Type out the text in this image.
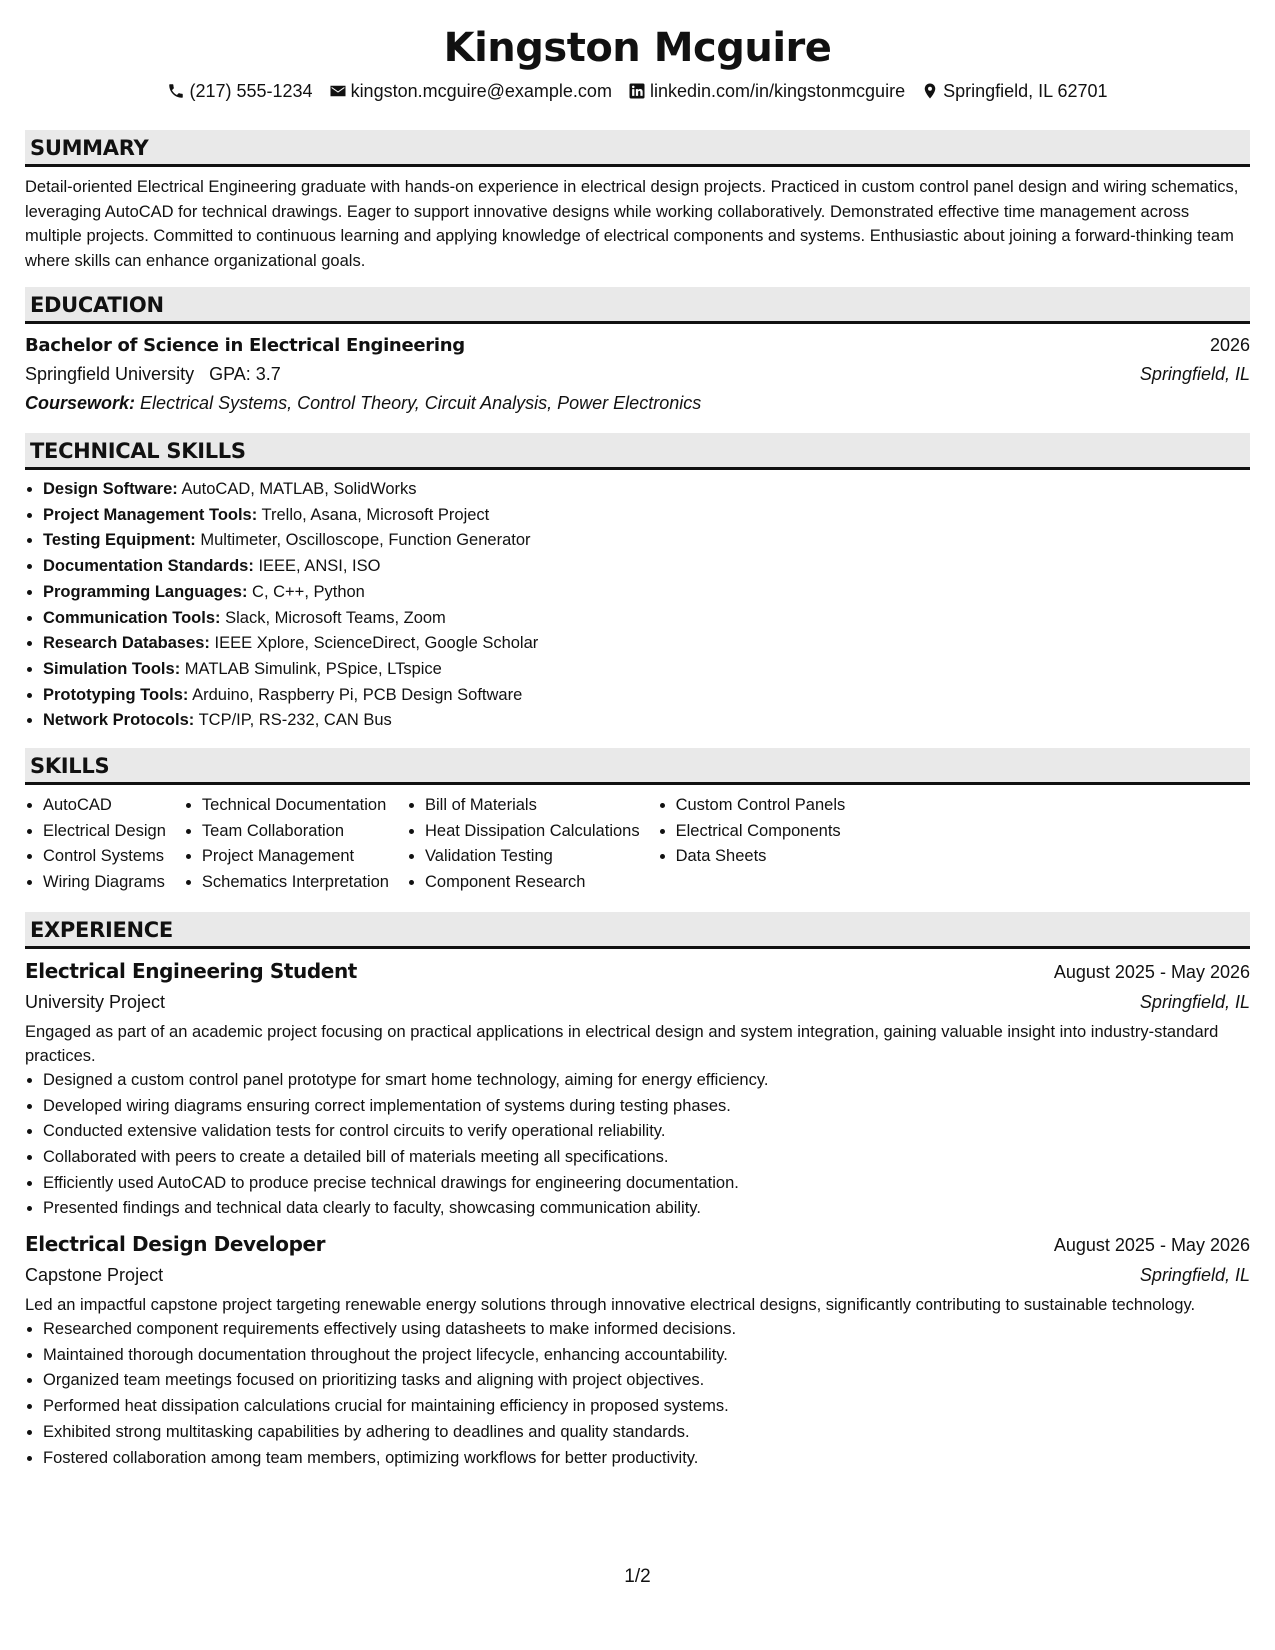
Kingston Mcguire
(217) 555-1234 kingston.mcguire@example.com linkedin.com/in/kingstonmcguire Springfield, IL 62701
SUMMARY
Detail-oriented Electrical Engineering graduate with hands-on experience in electrical design projects. Practiced in custom control panel design and wiring schematics, leveraging AutoCAD for technical drawings. Eager to support innovative designs while working collaboratively. Demonstrated effective time management across multiple projects. Committed to continuous learning and applying knowledge of electrical components and systems. Enthusiastic about joining a forward-thinking team where skills can enhance organizational goals.
EDUCATION
Bachelor of Science in Electrical Engineering	2026
Springfield University GPA: 3.7	Springfield, IL
Coursework: Electrical Systems, Control Theory, Circuit Analysis, Power Electronics
TECHNICAL SKILLS
• Design Software: AutoCAD, MATLAB, SolidWorks
• Project Management Tools: Trello, Asana, Microsoft Project
• Testing Equipment: Multimeter, Oscilloscope, Function Generator
• Documentation Standards: IEEE, ANSI, ISO
• Programming Languages: C, C++, Python
• Communication Tools: Slack, Microsoft Teams, Zoom
• Research Databases: IEEE Xplore, ScienceDirect, Google Scholar
• Simulation Tools: MATLAB Simulink, PSpice, LTspice
• Prototyping Tools: Arduino, Raspberry Pi, PCB Design Software
• Network Protocols: TCP/IP, RS-232, CAN Bus
SKILLS
• AutoCAD
• Electrical Design
• Control Systems
• Wiring Diagrams
• Technical Documentation
• Team Collaboration
• Project Management
• Schematics Interpretation
• Bill of Materials
• Heat Dissipation Calculations
• Validation Testing
• Component Research
• Custom Control Panels
• Electrical Components
• Data Sheets
EXPERIENCE
Electrical Engineering Student	August 2025 - May 2026
University Project	Springfield, IL
Engaged as part of an academic project focusing on practical applications in electrical design and system integration, gaining valuable insight into industry-standard practices.
• Designed a custom control panel prototype for smart home technology, aiming for energy efficiency.
• Developed wiring diagrams ensuring correct implementation of systems during testing phases.
• Conducted extensive validation tests for control circuits to verify operational reliability.
• Collaborated with peers to create a detailed bill of materials meeting all specifications.
• Efficiently used AutoCAD to produce precise technical drawings for engineering documentation.
• Presented findings and technical data clearly to faculty, showcasing communication ability.
Electrical Design Developer	August 2025 - May 2026
Capstone Project	Springfield, IL
Led an impactful capstone project targeting renewable energy solutions through innovative electrical designs, significantly contributing to sustainable technology.
• Researched component requirements effectively using datasheets to make informed decisions.
• Maintained thorough documentation throughout the project lifecycle, enhancing accountability.
• Organized team meetings focused on prioritizing tasks and aligning with project objectives.
• Performed heat dissipation calculations crucial for maintaining efficiency in proposed systems.
• Exhibited strong multitasking capabilities by adhering to deadlines and quality standards.
• Fostered collaboration among team members, optimizing workflows for better productivity.
1/2
